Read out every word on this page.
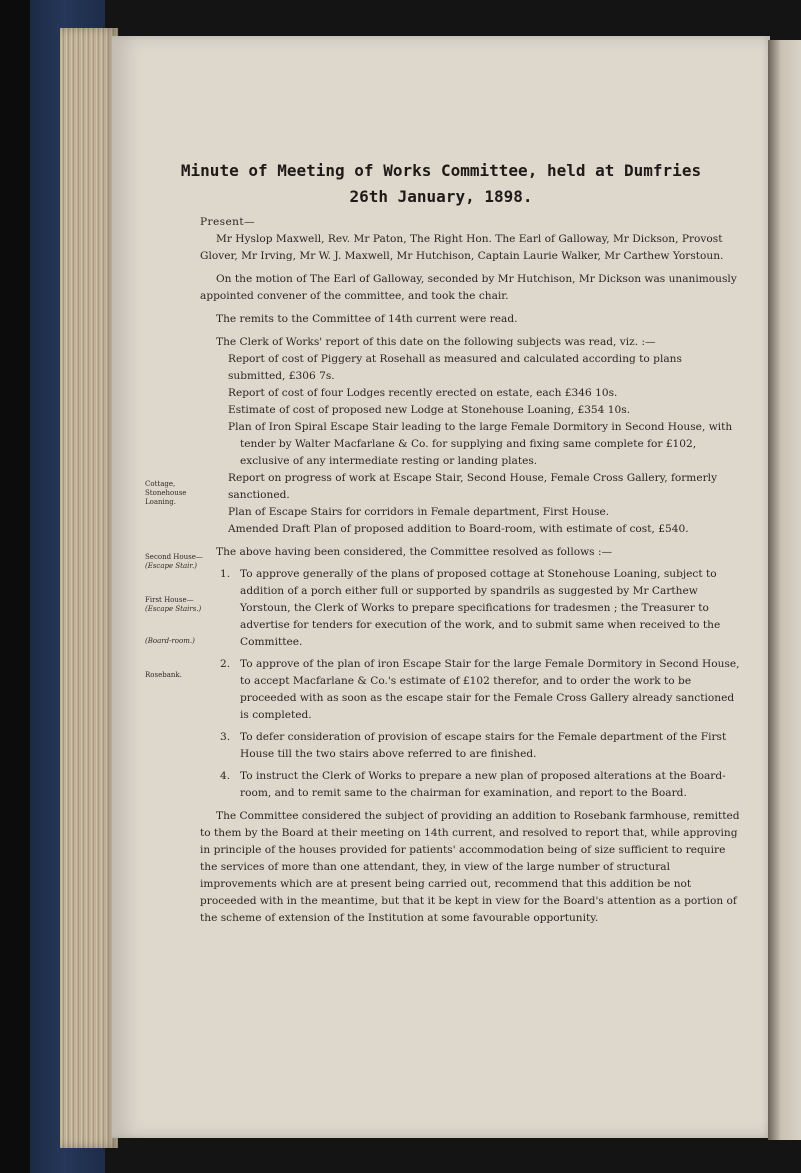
Minute of Meeting of Works Committee, held at Dumfries
26th January, 1898.

Present—

Mr Hyslop Maxwell, Rev. Mr Paton, The Right Hon. The Earl of Galloway, Mr Dickson, Provost Glover, Mr Irving, Mr W. J. Maxwell, Mr Hutchison, Captain Laurie Walker, Mr Carthew Yorstoun.

On the motion of The Earl of Galloway, seconded by Mr Hutchison, Mr Dickson was unanimously appointed convener of the committee, and took the chair.

The remits to the Committee of 14th current were read.

The Clerk of Works' report of this date on the following subjects was read, viz. :—

Report of cost of Piggery at Rosehall as measured and calculated according to plans submitted, £306 7s.

Report of cost of four Lodges recently erected on estate, each £346 10s.

Estimate of cost of proposed new Lodge at Stonehouse Loaning, £354 10s.

Plan of Iron Spiral Escape Stair leading to the large Female Dormitory in Second House, with tender by Walter Macfarlane & Co. for supplying and fixing same complete for £102, exclusive of any intermediate resting or landing plates.

Report on progress of work at Escape Stair, Second House, Female Cross Gallery, formerly sanctioned.

Plan of Escape Stairs for corridors in Female department, First House.

Amended Draft Plan of proposed addition to Board-room, with estimate of cost, £540.

The above having been considered, the Committee resolved as follows :—

1. To approve generally of the plans of proposed cottage at Stonehouse Loaning, subject to addition of a porch either full or supported by spandrils as suggested by Mr Carthew Yorstoun, the Clerk of Works to prepare specifications for tradesmen ; the Treasurer to advertise for tenders for execution of the work, and to submit same when received to the Committee.
2. To approve of the plan of iron Escape Stair for the large Female Dormitory in Second House, to accept Macfarlane & Co.'s estimate of £102 therefor, and to order the work to be proceeded with as soon as the escape stair for the Female Cross Gallery already sanctioned is completed.
3. To defer consideration of provision of escape stairs for the Female department of the First House till the two stairs above referred to are finished.
4. To instruct the Clerk of Works to prepare a new plan of proposed alterations at the Board-room, and to remit same to the chairman for examination, and report to the Board.

The Committee considered the subject of providing an addition to Rosebank farmhouse, remitted to them by the Board at their meeting on 14th current, and resolved to report that, while approving in principle of the houses provided for patients' accommodation being of size sufficient to require the services of more than one attendant, they, in view of the large number of structural improvements which are at present being carried out, recommend that this addition be not proceeded with in the meantime, but that it be kept in view for the Board's attention as a portion of the scheme of extension of the Institution at some favourable opportunity.

Cottage, Stonehouse Loaning.
Second House—
(Escape Stair.)
First House—
(Escape Stairs.)
(Board-room.)
Rosebank.
